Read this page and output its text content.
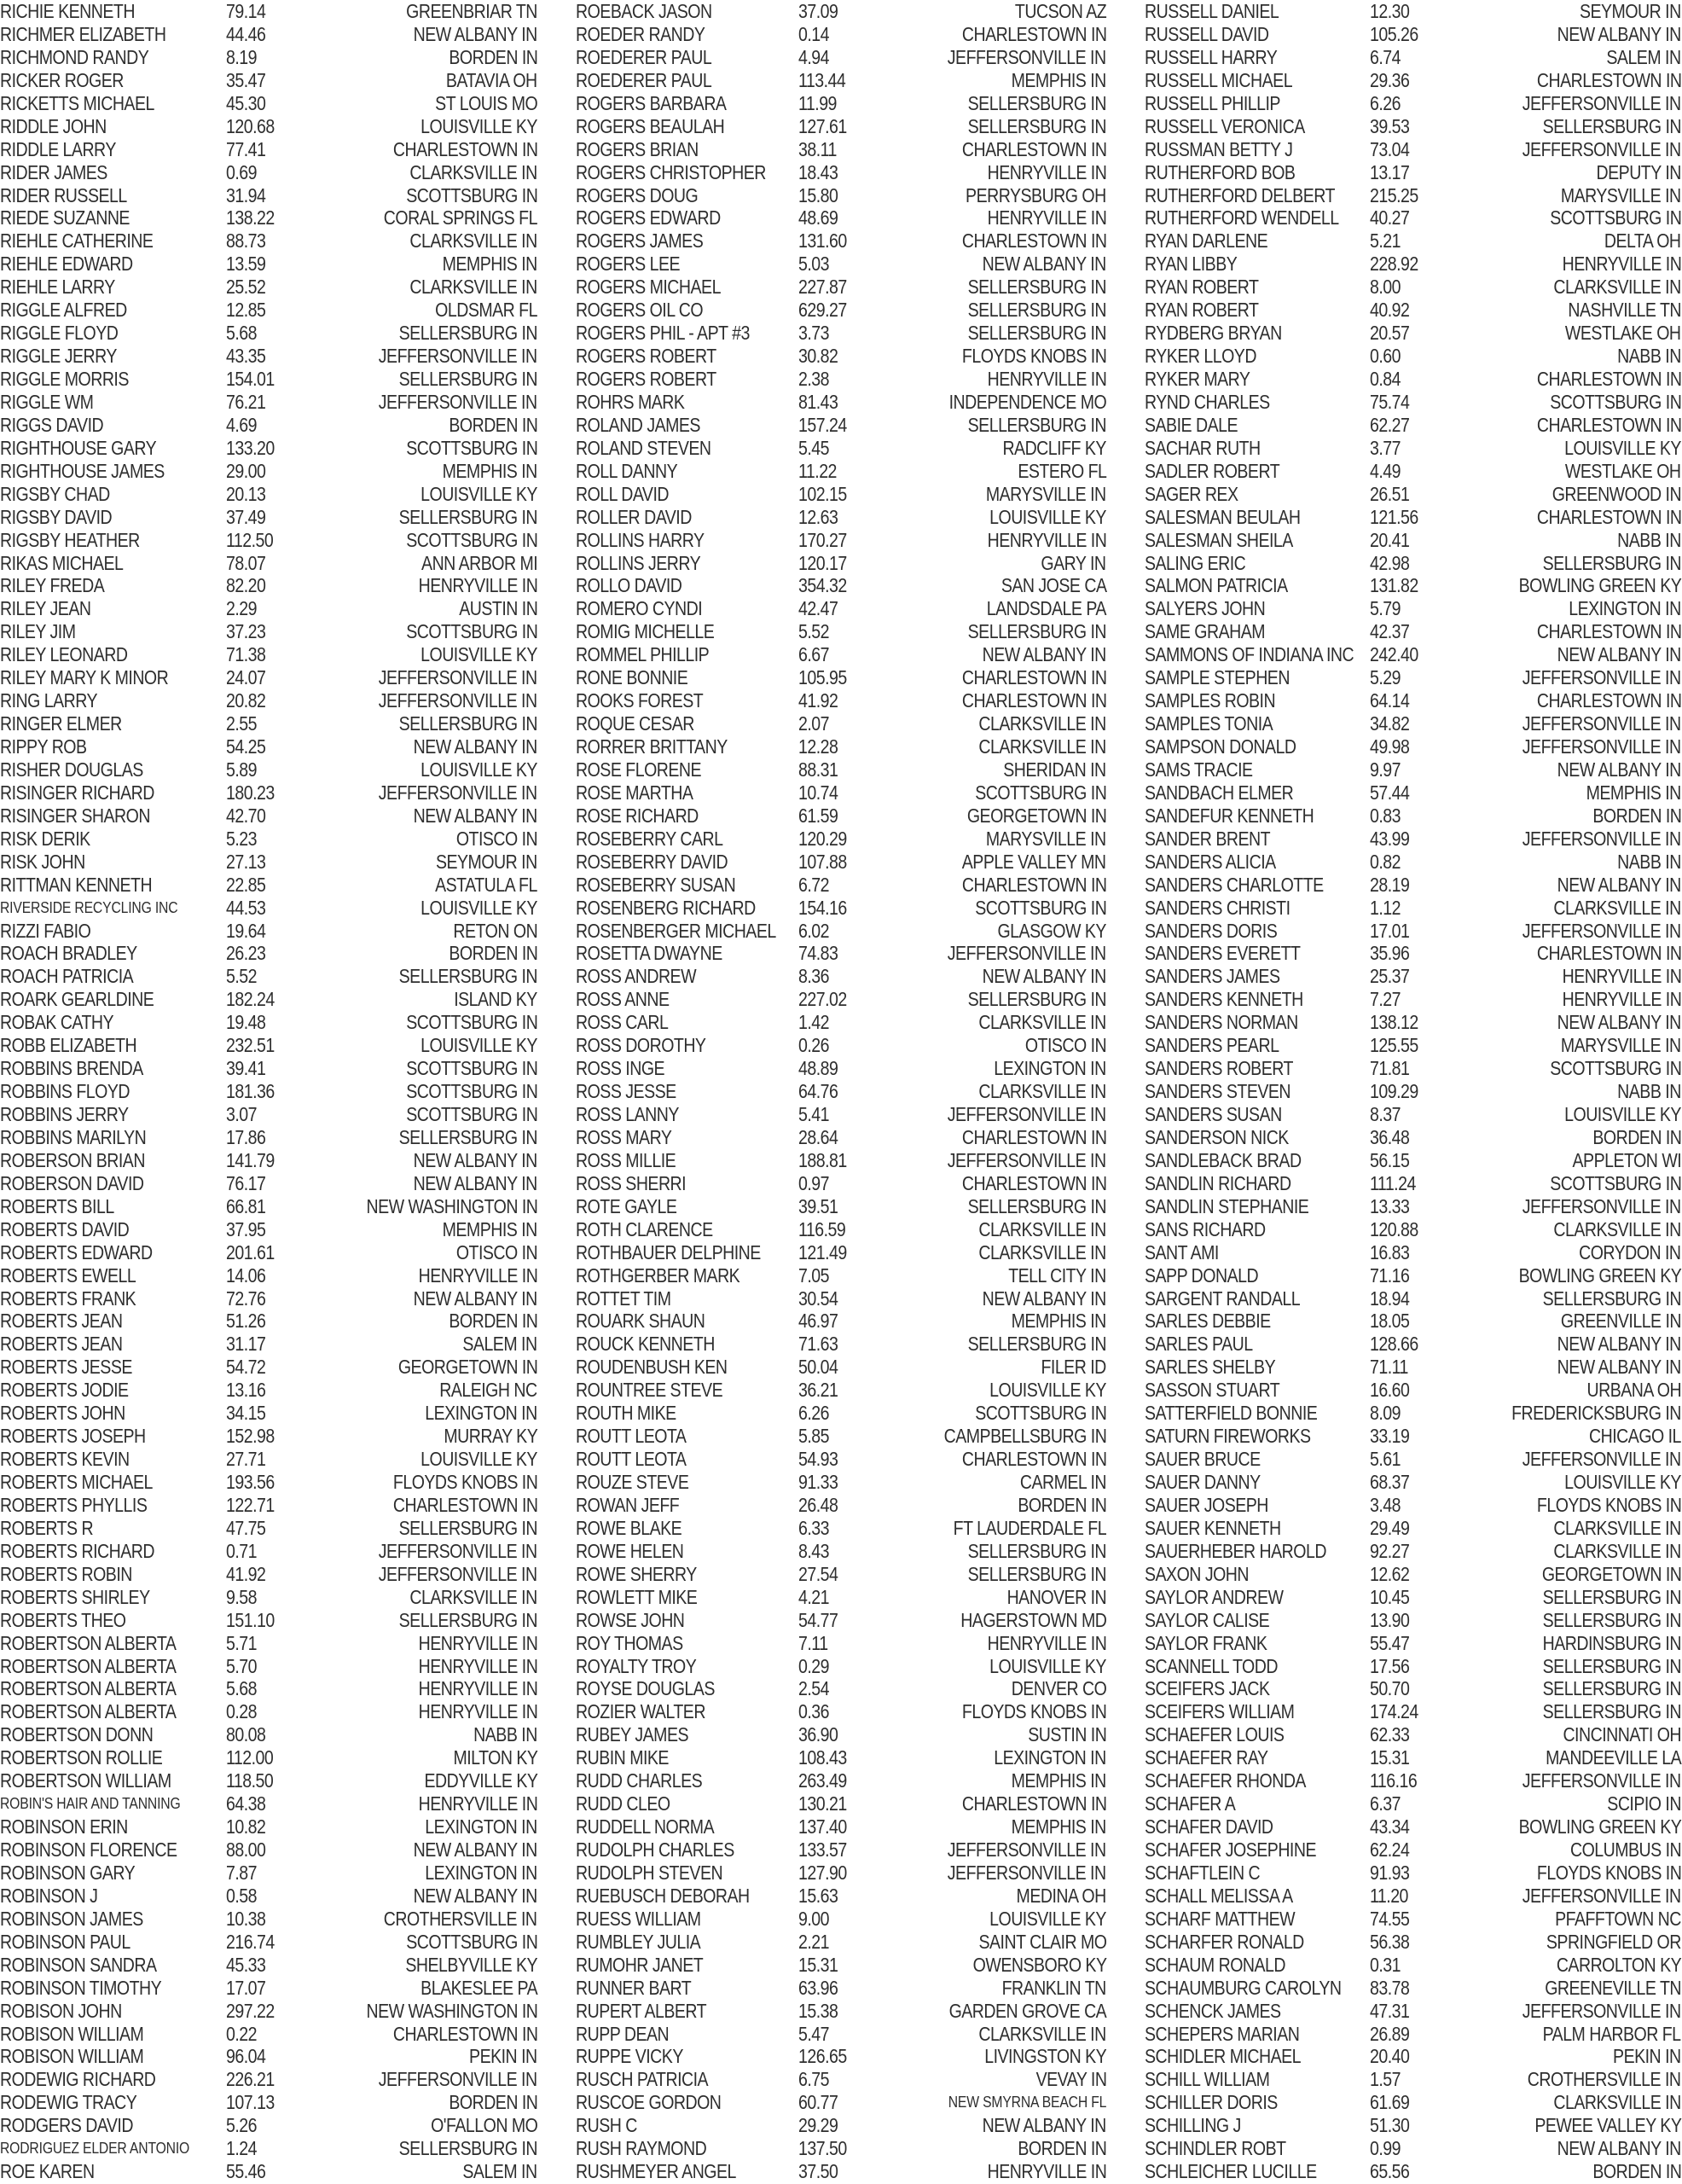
RICHIE KENNETH	79.14	GREENBRIAR TN
RICHMER ELIZABETH	44.46	NEW ALBANY IN
RICHMOND RANDY	8.19	BORDEN IN
RICKER ROGER	35.47	BATAVIA OH
RICKETTS MICHAEL	45.30	ST LOUIS MO
RIDDLE JOHN	120.68	LOUISVILLE KY
RIDDLE LARRY	77.41	CHARLESTOWN IN
RIDER JAMES	0.69	CLARKSVILLE IN
RIDER RUSSELL	31.94	SCOTTSBURG IN
RIEDE SUZANNE	138.22	CORAL SPRINGS FL
RIEHLE CATHERINE	88.73	CLARKSVILLE IN
RIEHLE EDWARD	13.59	MEMPHIS IN
RIEHLE LARRY	25.52	CLARKSVILLE IN
RIGGLE ALFRED	12.85	OLDSMAR FL
RIGGLE FLOYD	5.68	SELLERSBURG IN
RIGGLE JERRY	43.35	JEFFERSONVILLE IN
RIGGLE MORRIS	154.01	SELLERSBURG IN
RIGGLE WM	76.21	JEFFERSONVILLE IN
RIGGS DAVID	4.69	BORDEN IN
RIGHTHOUSE GARY	133.20	SCOTTSBURG IN
RIGHTHOUSE JAMES	29.00	MEMPHIS IN
RIGSBY CHAD	20.13	LOUISVILLE KY
RIGSBY DAVID	37.49	SELLERSBURG IN
RIGSBY HEATHER	112.50	SCOTTSBURG IN
RIKAS MICHAEL	78.07	ANN ARBOR MI
RILEY FREDA	82.20	HENRYVILLE IN
RILEY JEAN	2.29	AUSTIN IN
RILEY JIM	37.23	SCOTTSBURG IN
RILEY LEONARD	71.38	LOUISVILLE KY
RILEY MARY K MINOR	24.07	JEFFERSONVILLE IN
RING LARRY	20.82	JEFFERSONVILLE IN
RINGER ELMER	2.55	SELLERSBURG IN
RIPPY ROB	54.25	NEW ALBANY IN
RISHER DOUGLAS	5.89	LOUISVILLE KY
RISINGER RICHARD	180.23	JEFFERSONVILLE IN
RISINGER SHARON	42.70	NEW ALBANY IN
RISK DERIK	5.23	OTISCO IN
RISK JOHN	27.13	SEYMOUR IN
RITTMAN KENNETH	22.85	ASTATULA FL
RIVERSIDE RECYCLING INC 44.53	LOUISVILLE KY
RIZZI FABIO	19.64	RETON ON
ROACH BRADLEY	26.23	BORDEN IN
ROACH PATRICIA	5.52	SELLERSBURG IN
ROARK GEARLDINE	182.24	ISLAND KY
ROBAK CATHY	19.48	SCOTTSBURG IN
ROBB ELIZABETH	232.51	LOUISVILLE KY
ROBBINS BRENDA	39.41	SCOTTSBURG IN
ROBBINS FLOYD	181.36	SCOTTSBURG IN
ROBBINS JERRY	3.07	SCOTTSBURG IN
ROBBINS MARILYN	17.86	SELLERSBURG IN
ROBERSON BRIAN	141.79	NEW ALBANY IN
ROBERSON DAVID	76.17	NEW ALBANY IN
ROBERTS BILL	66.81	NEW WASHINGTON IN
ROBERTS DAVID	37.95	MEMPHIS IN
ROBERTS EDWARD	201.61	OTISCO IN
ROBERTS EWELL	14.06	HENRYVILLE IN
ROBERTS FRANK	72.76	NEW ALBANY IN
ROBERTS JEAN	51.26	BORDEN IN
ROBERTS JEAN	31.17	SALEM IN
ROBERTS JESSE	54.72	GEORGETOWN IN
ROBERTS JODIE	13.16	RALEIGH NC
ROBERTS JOHN	34.15	LEXINGTON IN
ROBERTS JOSEPH	152.98	MURRAY KY
ROBERTS KEVIN	27.71	LOUISVILLE KY
ROBERTS MICHAEL	193.56	FLOYDS KNOBS IN
ROBERTS PHYLLIS	122.71	CHARLESTOWN IN
ROBERTS R	47.75	SELLERSBURG IN
ROBERTS RICHARD	0.71	JEFFERSONVILLE IN
ROBERTS ROBIN	41.92	JEFFERSONVILLE IN
ROBERTS SHIRLEY	9.58	CLARKSVILLE IN
ROBERTS THEO	151.10	SELLERSBURG IN
ROBERTSON ALBERTA	5.71	HENRYVILLE IN
ROBERTSON ALBERTA	5.70	HENRYVILLE IN
ROBERTSON ALBERTA	5.68	HENRYVILLE IN
ROBERTSON ALBERTA	0.28	HENRYVILLE IN
ROBERTSON DONN	80.08	NABB IN
ROBERTSON ROLLIE	112.00	MILTON KY
ROBERTSON WILLIAM	118.50	EDDYVILLE KY
ROBIN'S HAIR AND TANNING 64.38	HENRYVILLE IN
ROBINSON ERIN	10.82	LEXINGTON IN
ROBINSON FLORENCE 88.00	NEW ALBANY IN
ROBINSON GARY	7.87	LEXINGTON IN
ROBINSON J	0.58	NEW ALBANY IN
ROBINSON JAMES	10.38	CROTHERSVILLE IN
ROBINSON PAUL	216.74	SCOTTSBURG IN
ROBINSON SANDRA	45.33	SHELBYVILLE KY
ROBINSON TIMOTHY	17.07	BLAKESLEE PA
ROBISON JOHN	297.22	NEW WASHINGTON IN
ROBISON WILLIAM	0.22	CHARLESTOWN IN
ROBISON WILLIAM	96.04	PEKIN IN
RODEWIG RICHARD	226.21	JEFFERSONVILLE IN
RODEWIG TRACY	107.13	BORDEN IN
RODGERS DAVID	5.26	O'FALLON MO
RODRIGUEZ ELDER ANTONIO 1.24	SELLERSBURG IN
ROE KAREN	55.46	SALEM IN
ROEBACK JASON	37.09	TUCSON AZ
ROEDER RANDY	0.14	CHARLESTOWN IN
ROEDERER PAUL	4.94	JEFFERSONVILLE IN
ROEDERER PAUL	113.44	MEMPHIS IN
ROGERS BARBARA	11.99	SELLERSBURG IN
ROGERS BEAULAH	127.61	SELLERSBURG IN
ROGERS BRIAN	38.11	CHARLESTOWN IN
ROGERS CHRISTOPHER 18.43	HENRYVILLE IN
ROGERS DOUG	15.80	PERRYSBURG OH
ROGERS EDWARD	48.69	HENRYVILLE IN
ROGERS JAMES	131.60	CHARLESTOWN IN
ROGERS LEE	5.03	NEW ALBANY IN
ROGERS MICHAEL	227.87	SELLERSBURG IN
ROGERS OIL CO	629.27	SELLERSBURG IN
ROGERS PHIL - APT #3 3.73	SELLERSBURG IN
ROGERS ROBERT	30.82	FLOYDS KNOBS IN
ROGERS ROBERT	2.38	HENRYVILLE IN
ROHRS MARK	81.43	INDEPENDENCE MO
ROLAND JAMES	157.24	SELLERSBURG IN
ROLAND STEVEN	5.45	RADCLIFF KY
ROLL DANNY	11.22	ESTERO FL
ROLL DAVID	102.15	MARYSVILLE IN
ROLLER DAVID	12.63	LOUISVILLE KY
ROLLINS HARRY	170.27	HENRYVILLE IN
ROLLINS JERRY	120.17	GARY IN
ROLLO DAVID	354.32	SAN JOSE CA
ROMERO CYNDI	42.47	LANDSDALE PA
ROMIG MICHELLE	5.52	SELLERSBURG IN
ROMMEL PHILLIP	6.67	NEW ALBANY IN
RONE BONNIE	105.95	CHARLESTOWN IN
ROOKS FOREST	41.92	CHARLESTOWN IN
ROQUE CESAR	2.07	CLARKSVILLE IN
RORRER BRITTANY	12.28	CLARKSVILLE IN
ROSE FLORENE	88.31	SHERIDAN IN
ROSE MARTHA	10.74	SCOTTSBURG IN
ROSE RICHARD	61.59	GEORGETOWN IN
ROSEBERRY CARL	120.29	MARYSVILLE IN
ROSEBERRY DAVID	107.88	APPLE VALLEY MN
ROSEBERRY SUSAN	6.72	CHARLESTOWN IN
ROSENBERG RICHARD 154.16	SCOTTSBURG IN
ROSENBERGER MICHAEL 6.02	GLASGOW KY
ROSETTA DWAYNE	74.83	JEFFERSONVILLE IN
ROSS ANDREW	8.36	NEW ALBANY IN
ROSS ANNE	227.02	SELLERSBURG IN
ROSS CARL	1.42	CLARKSVILLE IN
ROSS DOROTHY	0.26	OTISCO IN
ROSS INGE	48.89	LEXINGTON IN
ROSS JESSE	64.76	CLARKSVILLE IN
ROSS LANNY	5.41	JEFFERSONVILLE IN
ROSS MARY	28.64	CHARLESTOWN IN
ROSS MILLIE	188.81	JEFFERSONVILLE IN
ROSS SHERRI	0.97	CHARLESTOWN IN
ROTE GAYLE	39.51	SELLERSBURG IN
ROTH CLARENCE	116.59	CLARKSVILLE IN
ROTHBAUER DELPHINE 121.49	CLARKSVILLE IN
ROTHGERBER MARK	7.05	TELL CITY IN
ROTTET TIM	30.54	NEW ALBANY IN
ROUARK SHAUN	46.97	MEMPHIS IN
ROUCK KENNETH	71.63	SELLERSBURG IN
ROUDENBUSH KEN	50.04	FILER ID
ROUNTREE STEVE	36.21	LOUISVILLE KY
ROUTH MIKE	6.26	SCOTTSBURG IN
ROUTT LEOTA	5.85	CAMPBELLSBURG IN
ROUTT LEOTA	54.93	CHARLESTOWN IN
ROUZE STEVE	91.33	CARMEL IN
ROWAN JEFF	26.48	BORDEN IN
ROWE BLAKE	6.33	FT LAUDERDALE FL
ROWE HELEN	8.43	SELLERSBURG IN
ROWE SHERRY	27.54	SELLERSBURG IN
ROWLETT MIKE	4.21	HANOVER IN
ROWSE JOHN	54.77	HAGERSTOWN MD
ROY THOMAS	7.11	HENRYVILLE IN
ROYALTY TROY	0.29	LOUISVILLE KY
ROYSE DOUGLAS	2.54	DENVER CO
ROZIER WALTER	0.36	FLOYDS KNOBS IN
RUBEY JAMES	36.90	SUSTIN IN
RUBIN MIKE	108.43	LEXINGTON IN
RUDD CHARLES	263.49	MEMPHIS IN
RUDD CLEO	130.21	CHARLESTOWN IN
RUDDELL NORMA	137.40	MEMPHIS IN
RUDOLPH CHARLES	133.57	JEFFERSONVILLE IN
RUDOLPH STEVEN	127.90	JEFFERSONVILLE IN
RUEBUSCH DEBORAH	15.63	MEDINA OH
RUESS WILLIAM	9.00	LOUISVILLE KY
RUMBLEY JULIA	2.21	SAINT CLAIR MO
RUMOHR JANET	15.31	OWENSBORO KY
RUNNER BART	63.96	FRANKLIN TN
RUPERT ALBERT	15.38	GARDEN GROVE CA
RUPP DEAN	5.47	CLARKSVILLE IN
RUPPE VICKY	126.65	LIVINGSTON KY
RUSCH PATRICIA	6.75	VEVAY IN
RUSCOE GORDON	60.77	NEW SMYRNA BEACH FL
RUSH C	29.29	NEW ALBANY IN
RUSH RAYMOND	137.50	BORDEN IN
RUSHMEYER ANGEL	37.50	HENRYVILLE IN
RUSSELL DANIEL	12.30	SEYMOUR IN
RUSSELL DAVID	105.26	NEW ALBANY IN
RUSSELL HARRY	6.74	SALEM IN
RUSSELL MICHAEL	29.36	CHARLESTOWN IN
RUSSELL PHILLIP	6.26	JEFFERSONVILLE IN
RUSSELL VERONICA	39.53	SELLERSBURG IN
RUSSMAN BETTY J	73.04	JEFFERSONVILLE IN
RUTHERFORD BOB	13.17	DEPUTY IN
RUTHERFORD DELBERT 215.25	MARYSVILLE IN
RUTHERFORD WENDELL 40.27	SCOTTSBURG IN
RYAN DARLENE	5.21	DELTA OH
RYAN LIBBY	228.92	HENRYVILLE IN
RYAN ROBERT	8.00	CLARKSVILLE IN
RYAN ROBERT	40.92	NASHVILLE TN
RYDBERG BRYAN	20.57	WESTLAKE OH
RYKER LLOYD	0.60	NABB IN
RYKER MARY	0.84	CHARLESTOWN IN
RYND CHARLES	75.74	SCOTTSBURG IN
SABIE DALE	62.27	CHARLESTOWN IN
SACHAR RUTH	3.77	LOUISVILLE KY
SADLER ROBERT	4.49	WESTLAKE OH
SAGER REX	26.51	GREENWOOD IN
SALESMAN BEULAH	121.56	CHARLESTOWN IN
SALESMAN SHEILA	20.41	NABB IN
SALING ERIC	42.98	SELLERSBURG IN
SALMON PATRICIA	131.82	BOWLING GREEN KY
SALYERS JOHN	5.79	LEXINGTON IN
SAME GRAHAM	42.37	CHARLESTOWN IN
SAMMONS OF INDIANA INC 242.40	NEW ALBANY IN
SAMPLE STEPHEN	5.29	JEFFERSONVILLE IN
SAMPLES ROBIN	64.14	CHARLESTOWN IN
SAMPLES TONIA	34.82	JEFFERSONVILLE IN
SAMPSON DONALD	49.98	JEFFERSONVILLE IN
SAMS TRACIE	9.97	NEW ALBANY IN
SANDBACH ELMER	57.44	MEMPHIS IN
SANDEFUR KENNETH	0.83	BORDEN IN
SANDER BRENT	43.99	JEFFERSONVILLE IN
SANDERS ALICIA	0.82	NABB IN
SANDERS CHARLOTTE 28.19	NEW ALBANY IN
SANDERS CHRISTI	1.12	CLARKSVILLE IN
SANDERS DORIS	17.01	JEFFERSONVILLE IN
SANDERS EVERETT	35.96	CHARLESTOWN IN
SANDERS JAMES	25.37	HENRYVILLE IN
SANDERS KENNETH	7.27	HENRYVILLE IN
SANDERS NORMAN	138.12	NEW ALBANY IN
SANDERS PEARL	125.55	MARYSVILLE IN
SANDERS ROBERT	71.81	SCOTTSBURG IN
SANDERS STEVEN	109.29	NABB IN
SANDERS SUSAN	8.37	LOUISVILLE KY
SANDERSON NICK	36.48	BORDEN IN
SANDLEBACK BRAD	56.15	APPLETON WI
SANDLIN RICHARD	111.24	SCOTTSBURG IN
SANDLIN STEPHANIE	13.33	JEFFERSONVILLE IN
SANS RICHARD	120.88	CLARKSVILLE IN
SANT AMI	16.83	CORYDON IN
SAPP DONALD	71.16	BOWLING GREEN KY
SARGENT RANDALL	18.94	SELLERSBURG IN
SARLES DEBBIE	18.05	GREENVILLE IN
SARLES PAUL	128.66	NEW ALBANY IN
SARLES SHELBY	71.11	NEW ALBANY IN
SASSON STUART	16.60	URBANA OH
SATTERFIELD BONNIE	8.09	FREDERICKSBURG IN
SATURN FIREWORKS	33.19	CHICAGO IL
SAUER BRUCE	5.61	JEFFERSONVILLE IN
SAUER DANNY	68.37	LOUISVILLE KY
SAUER JOSEPH	3.48	FLOYDS KNOBS IN
SAUER KENNETH	29.49	CLARKSVILLE IN
SAUERHEBER HAROLD 92.27	CLARKSVILLE IN
SAXON JOHN	12.62	GEORGETOWN IN
SAYLOR ANDREW	10.45	SELLERSBURG IN
SAYLOR CALISE	13.90	SELLERSBURG IN
SAYLOR FRANK	55.47	HARDINSBURG IN
SCANNELL TODD	17.56	SELLERSBURG IN
SCEIFERS JACK	50.70	SELLERSBURG IN
SCEIFERS WILLIAM	174.24	SELLERSBURG IN
SCHAEFER LOUIS	62.33	CINCINNATI OH
SCHAEFER RAY	15.31	MANDEEVILLE LA
SCHAEFER RHONDA	116.16	JEFFERSONVILLE IN
SCHAFER A	6.37	SCIPIO IN
SCHAFER DAVID	43.34	BOWLING GREEN KY
SCHAFER JOSEPHINE	62.24	COLUMBUS IN
SCHAFTLEIN C	91.93	FLOYDS KNOBS IN
SCHALL MELISSA A	11.20	JEFFERSONVILLE IN
SCHARF MATTHEW	74.55	PFAFFTOWN NC
SCHARFER RONALD	56.38	SPRINGFIELD OR
SCHAUM RONALD	0.31	CARROLTON KY
SCHAUMBURG CAROLYN 83.78	GREENEVILLE TN
SCHENCK JAMES	47.31	JEFFERSONVILLE IN
SCHEPERS MARIAN	26.89	PALM HARBOR FL
SCHIDLER MICHAEL	20.40	PEKIN IN
SCHILL WILLIAM	1.57	CROTHERSVILLE IN
SCHILLER DORIS	61.69	CLARKSVILLE IN
SCHILLING J	51.30	PEWEE VALLEY KY
SCHINDLER ROBT	0.99	NEW ALBANY IN
SCHLEICHER LUCILLE	65.56	BORDEN IN
